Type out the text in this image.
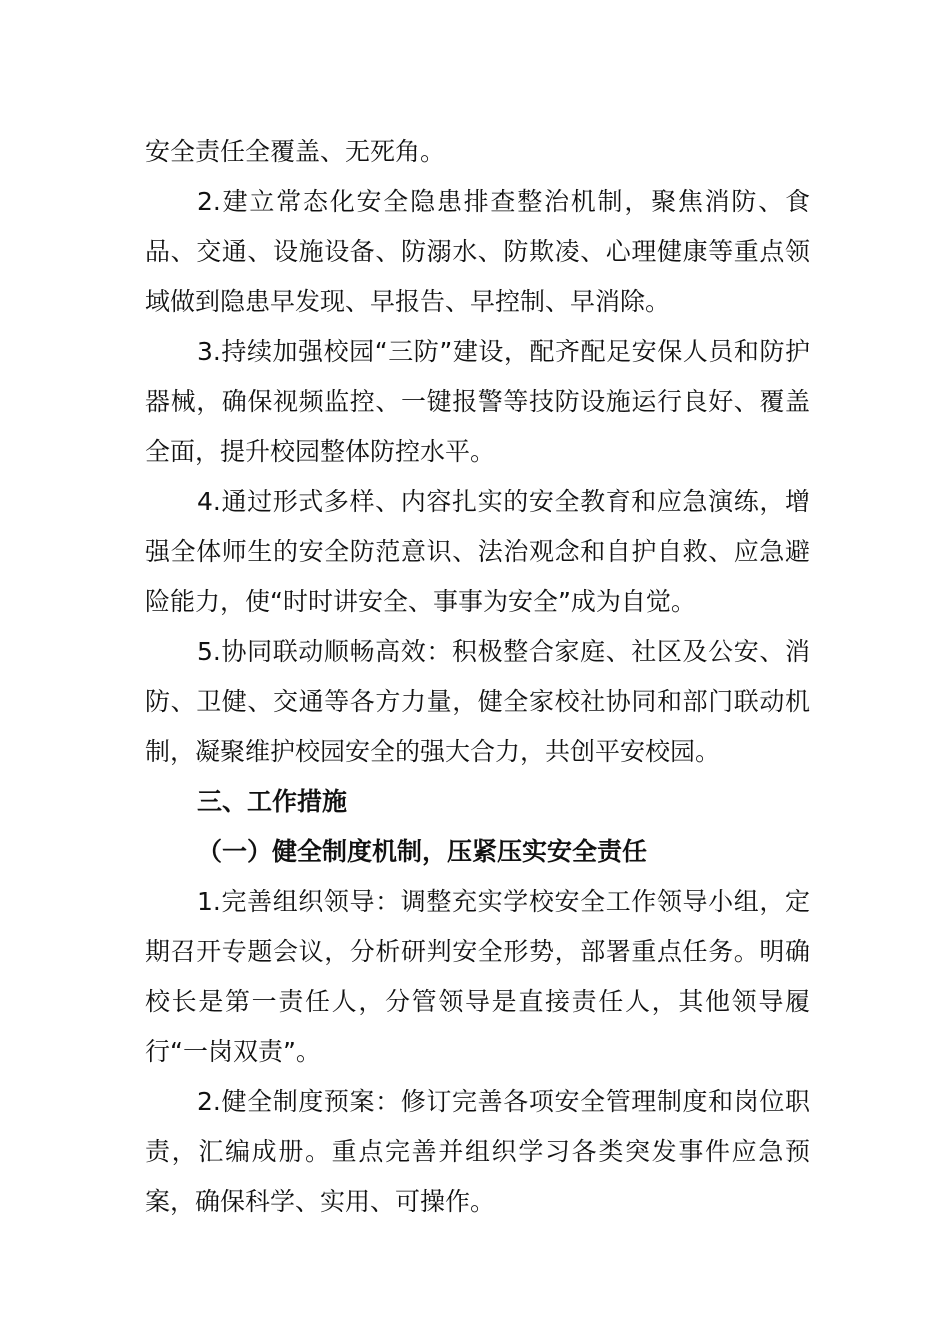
安全责任全覆盖、无死角。

2.建立常态化安全隐患排查整治机制，聚焦消防、食品、交通、设施设备、防溺水、防欺凌、心理健康等重点领域做到隐患早发现、早报告、早控制、早消除。

3.持续加强校园“三防”建设，配齐配足安保人员和防护器械，确保视频监控、一键报警等技防设施运行良好、覆盖全面，提升校园整体防控水平。

4.通过形式多样、内容扎实的安全教育和应急演练，增强全体师生的安全防范意识、法治观念和自护自救、应急避险能力，使“时时讲安全、事事为安全”成为自觉。

5.协同联动顺畅高效：积极整合家庭、社区及公安、消防、卫健、交通等各方力量，健全家校社协同和部门联动机制，凝聚维护校园安全的强大合力，共创平安校园。

三、工作措施

（一）健全制度机制，压紧压实安全责任

1.完善组织领导：调整充实学校安全工作领导小组，定期召开专题会议，分析研判安全形势，部署重点任务。明确校长是第一责任人，分管领导是直接责任人，其他领导履行“一岗双责”。

2.健全制度预案：修订完善各项安全管理制度和岗位职责，汇编成册。重点完善并组织学习各类突发事件应急预案，确保科学、实用、可操作。
